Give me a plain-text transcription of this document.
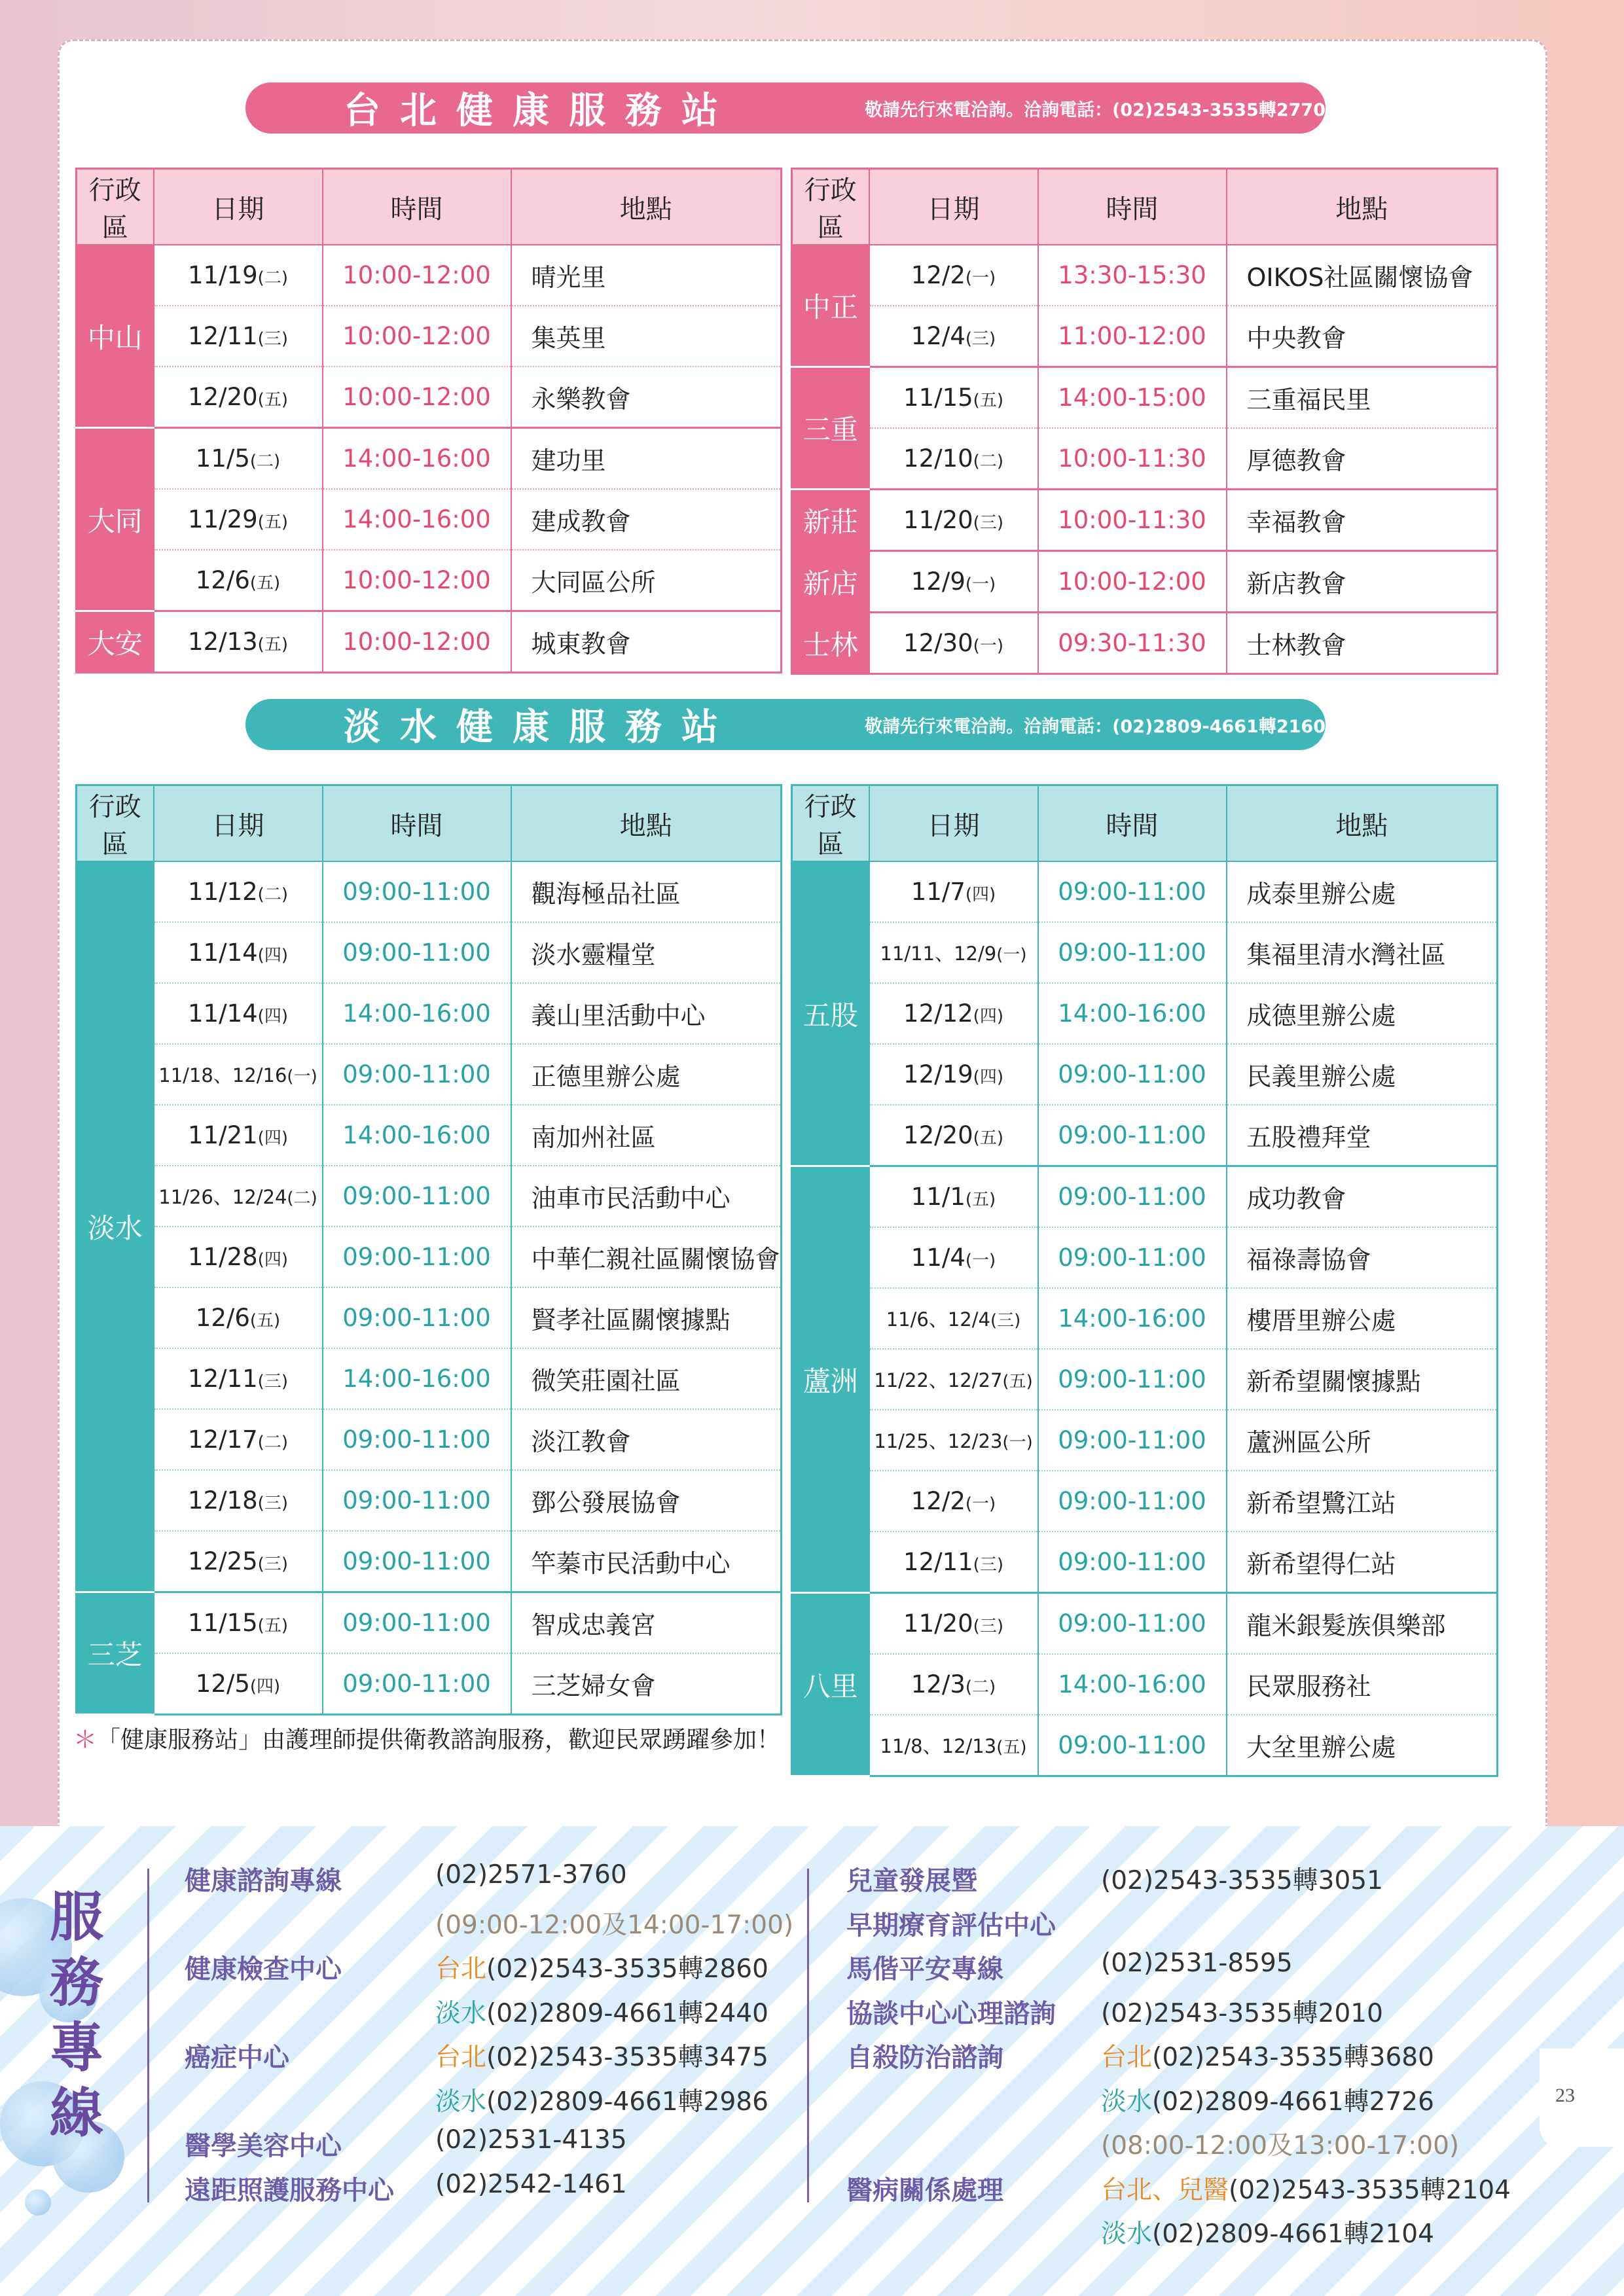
台北健康服務站	敬請先行來電洽詢。洽詢電話：(02)2543-3535轉2770
行政區	日期	時間	地點
中山	11/19(二)	10:00-12:00	晴光里
	12/11(三)	10:00-12:00	集英里
	12/20(五)	10:00-12:00	永樂教會
大同	11/5(二)	14:00-16:00	建功里
	11/29(五)	14:00-16:00	建成教會
	12/6(五)	10:00-12:00	大同區公所
大安	12/13(五)	10:00-12:00	城東教會
行政區	日期	時間	地點
中正	12/2(一)	13:30-15:30	OIKOS社區關懷協會
	12/4(三)	11:00-12:00	中央教會
三重	11/15(五)	14:00-15:00	三重福民里
	12/10(二)	10:00-11:30	厚德教會
新莊	11/20(三)	10:00-11:30	幸福教會
新店	12/9(一)	10:00-12:00	新店教會
士林	12/30(一)	09:30-11:30	士林教會
淡水健康服務站	敬請先行來電洽詢。洽詢電話：(02)2809-4661轉2160
行政區	日期	時間	地點
淡水	11/12(二)	09:00-11:00	觀海極品社區
	11/14(四)	09:00-11:00	淡水靈糧堂
	11/14(四)	14:00-16:00	義山里活動中心
	11/18、12/16(一)	09:00-11:00	正德里辦公處
	11/21(四)	14:00-16:00	南加州社區
	11/26、12/24(二)	09:00-11:00	油車市民活動中心
	11/28(四)	09:00-11:00	中華仁親社區關懷協會
	12/6(五)	09:00-11:00	賢孝社區關懷據點
	12/11(三)	14:00-16:00	微笑莊園社區
	12/17(二)	09:00-11:00	淡江教會
	12/18(三)	09:00-11:00	鄧公發展協會
	12/25(三)	09:00-11:00	竿蓁市民活動中心
三芝	11/15(五)	09:00-11:00	智成忠義宮
	12/5(四)	09:00-11:00	三芝婦女會
行政區	日期	時間	地點
五股	11/7(四)	09:00-11:00	成泰里辦公處
	11/11、12/9(一)	09:00-11:00	集福里清水灣社區
	12/12(四)	14:00-16:00	成德里辦公處
	12/19(四)	09:00-11:00	民義里辦公處
	12/20(五)	09:00-11:00	五股禮拜堂
蘆洲	11/1(五)	09:00-11:00	成功教會
	11/4(一)	09:00-11:00	福祿壽協會
	11/6、12/4(三)	14:00-16:00	樓厝里辦公處
	11/22、12/27(五)	09:00-11:00	新希望關懷據點
	11/25、12/23(一)	09:00-11:00	蘆洲區公所
	12/2(一)	09:00-11:00	新希望鷺江站
	12/11(三)	09:00-11:00	新希望得仁站
八里	11/20(三)	09:00-11:00	龍米銀髮族俱樂部
	12/3(二)	14:00-16:00	民眾服務社
	11/8、12/13(五)	09:00-11:00	大坌里辦公處
＊「健康服務站」由護理師提供衛教諮詢服務，歡迎民眾踴躍參加！
服
務
專
線
健康諮詢專線	(02)2571-3760
(09:00-12:00及14:00-17:00)
健康檢查中心	台北(02)2543-3535轉2860
淡水(02)2809-4661轉2440
癌症中心	台北(02)2543-3535轉3475
淡水(02)2809-4661轉2986
醫學美容中心	(02)2531-4135
遠距照護服務中心 (02)2542-1461
兒童發展暨	(02)2543-3535轉3051
早期療育評估中心
馬偕平安專線	(02)2531-8595
協談中心心理諮詢 (02)2543-3535轉2010
自殺防治諮詢	台北(02)2543-3535轉3680
淡水(02)2809-4661轉2726
(08:00-12:00及13:00-17:00)
醫病關係處理	台北、兒醫(02)2543-3535轉2104
淡水(02)2809-4661轉2104
23
